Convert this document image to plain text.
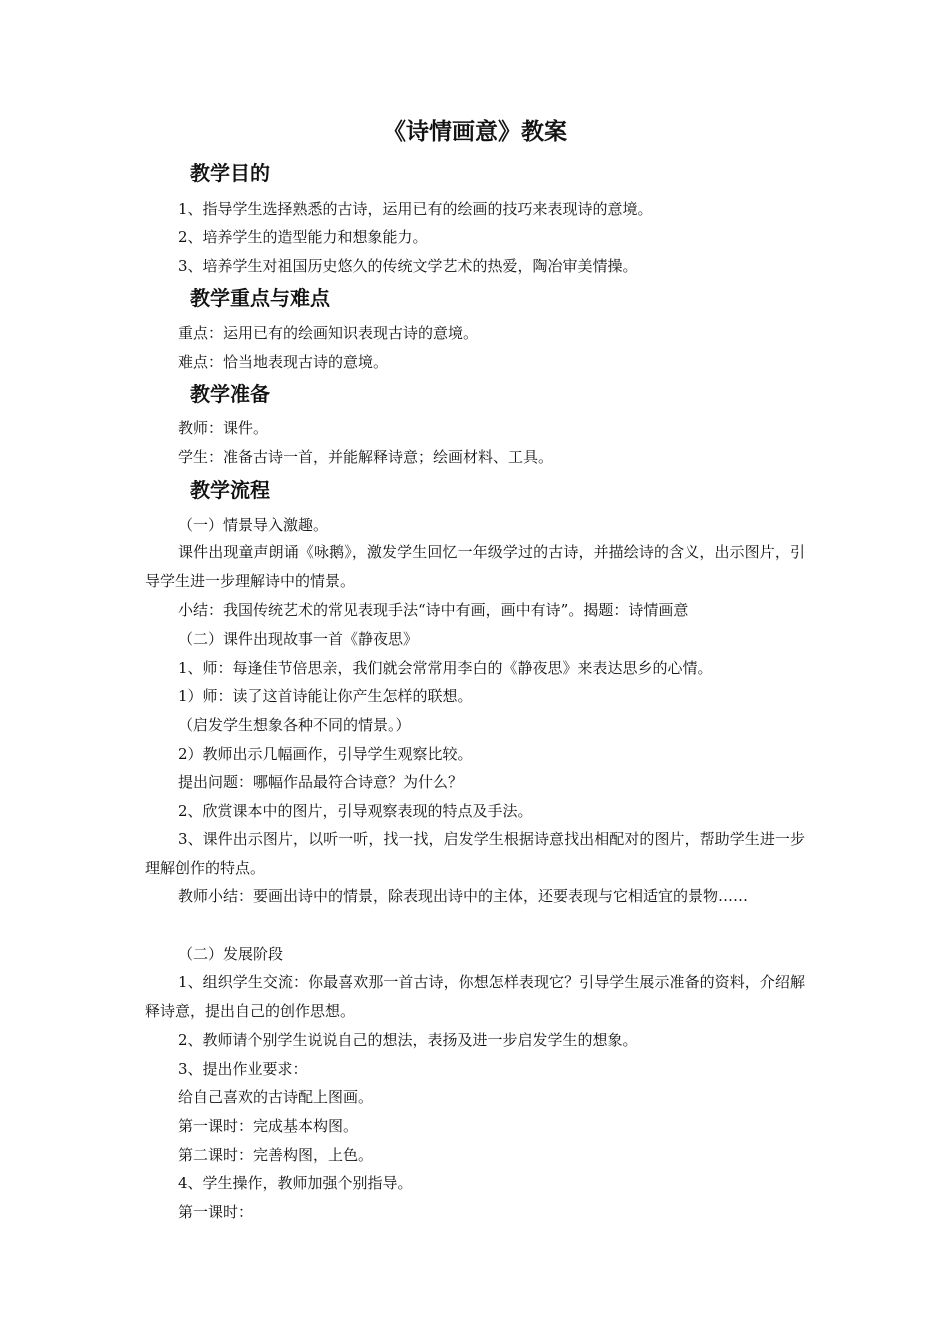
《诗情画意》教案
教学目的
1、指导学生选择熟悉的古诗，运用已有的绘画的技巧来表现诗的意境。
2、培养学生的造型能力和想象能力。
3、培养学生对祖国历史悠久的传统文学艺术的热爱，陶冶审美情操。
教学重点与难点
重点：运用已有的绘画知识表现古诗的意境。
难点：恰当地表现古诗的意境。
教学准备
教师：课件。
学生：准备古诗一首，并能解释诗意；绘画材料、工具。
教学流程
（一）情景导入激趣。
课件出现童声朗诵《咏鹅》，激发学生回忆一年级学过的古诗，并描绘诗的含义，出示图片，引导学生进一步理解诗中的情景。
小结：我国传统艺术的常见表现手法“诗中有画，画中有诗”。揭题：诗情画意
（二）课件出现故事一首《静夜思》
1、师：每逢佳节倍思亲，我们就会常常用李白的《静夜思》来表达思乡的心情。
1）师：读了这首诗能让你产生怎样的联想。
（启发学生想象各种不同的情景。）
2）教师出示几幅画作，引导学生观察比较。
提出问题：哪幅作品最符合诗意？为什么？
2、欣赏课本中的图片，引导观察表现的特点及手法。
3、课件出示图片，以听一听，找一找，启发学生根据诗意找出相配对的图片，帮助学生进一步理解创作的特点。
教师小结：要画出诗中的情景，除表现出诗中的主体，还要表现与它相适宜的景物……
（二）发展阶段
1、组织学生交流：你最喜欢那一首古诗，你想怎样表现它？引导学生展示准备的资料，介绍解释诗意，提出自己的创作思想。
2、教师请个别学生说说自己的想法，表扬及进一步启发学生的想象。
3、提出作业要求：
给自己喜欢的古诗配上图画。
第一课时：完成基本构图。
第二课时：完善构图，上色。
4、学生操作，教师加强个别指导。
第一课时：
